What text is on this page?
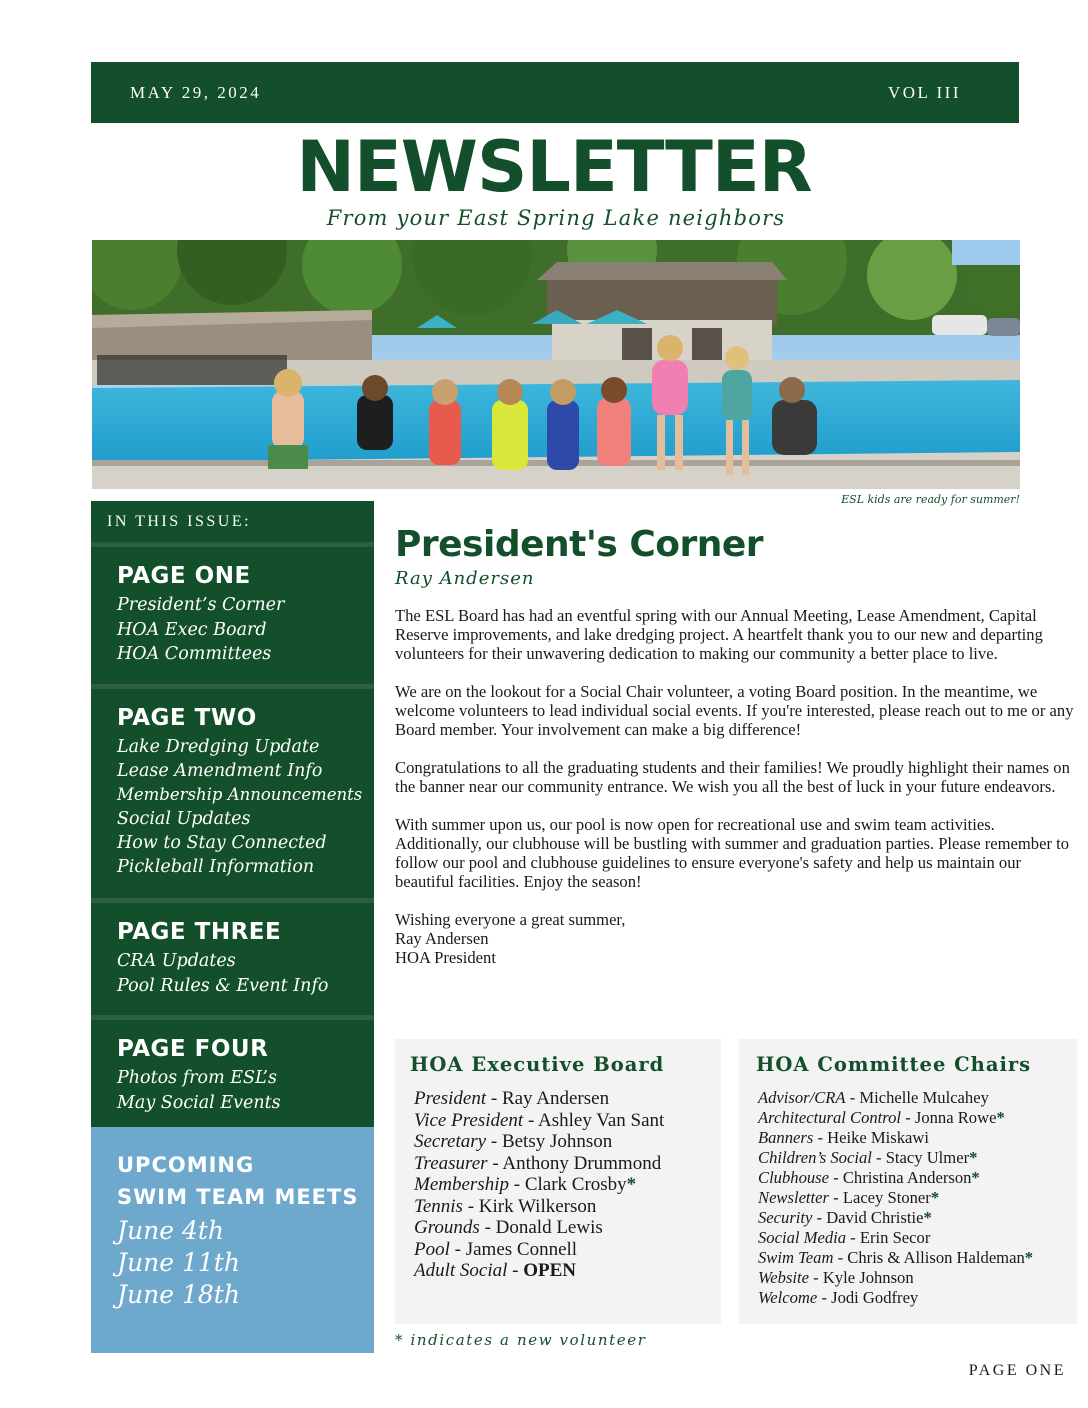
MAY 29, 2024	VOL III
NEWSLETTER
From your East Spring Lake neighbors
ESL kids are ready for summer!
IN THIS ISSUE:
PAGE ONE
President’s Corner
HOA Exec Board
HOA Committees
PAGE TWO
Lake Dredging Update
Lease Amendment Info
Membership Announcements
Social Updates
How to Stay Connected
Pickleball Information
PAGE THREE
CRA Updates
Pool Rules & Event Info
PAGE FOUR
Photos from ESL’s
May Social Events
UPCOMING
SWIM TEAM MEETS
June 4th
June 11th
June 18th
President's Corner
Ray Andersen

The ESL Board has had an eventful spring with our Annual Meeting, Lease Amendment, Capital Reserve improvements, and lake dredging project. A heartfelt thank you to our new and departing volunteers for their unwavering dedication to making our community a better place to live.

We are on the lookout for a Social Chair volunteer, a voting Board position. In the meantime, we welcome volunteers to lead individual social events. If you're interested, please reach out to me or any Board member. Your involvement can make a big difference!

Congratulations to all the graduating students and their families! We proudly highlight their names on the banner near our community entrance. We wish you all the best of luck in your future endeavors.

With summer upon us, our pool is now open for recreational use and swim team activities. Additionally, our clubhouse will be bustling with summer and graduation parties. Please remember to follow our pool and clubhouse guidelines to ensure everyone's safety and help us maintain our beautiful facilities. Enjoy the season!

Wishing everyone a great summer,

Ray Andersen

HOA President

HOA Executive Board
President - Ray Andersen
Vice President - Ashley Van Sant
Secretary - Betsy Johnson
Treasurer - Anthony Drummond
Membership - Clark Crosby*
Tennis - Kirk Wilkerson
Grounds - Donald Lewis
Pool - James Connell
Adult Social - OPEN
HOA Committee Chairs
Advisor/CRA - Michelle Mulcahey
Architectural Control - Jonna Rowe*
Banners - Heike Miskawi
Children’s Social - Stacy Ulmer*
Clubhouse - Christina Anderson*
Newsletter - Lacey Stoner*
Security - David Christie*
Social Media - Erin Secor
Swim Team - Chris & Allison Haldeman*
Website - Kyle Johnson
Welcome - Jodi Godfrey
* indicates a new volunteer
PAGE ONE
